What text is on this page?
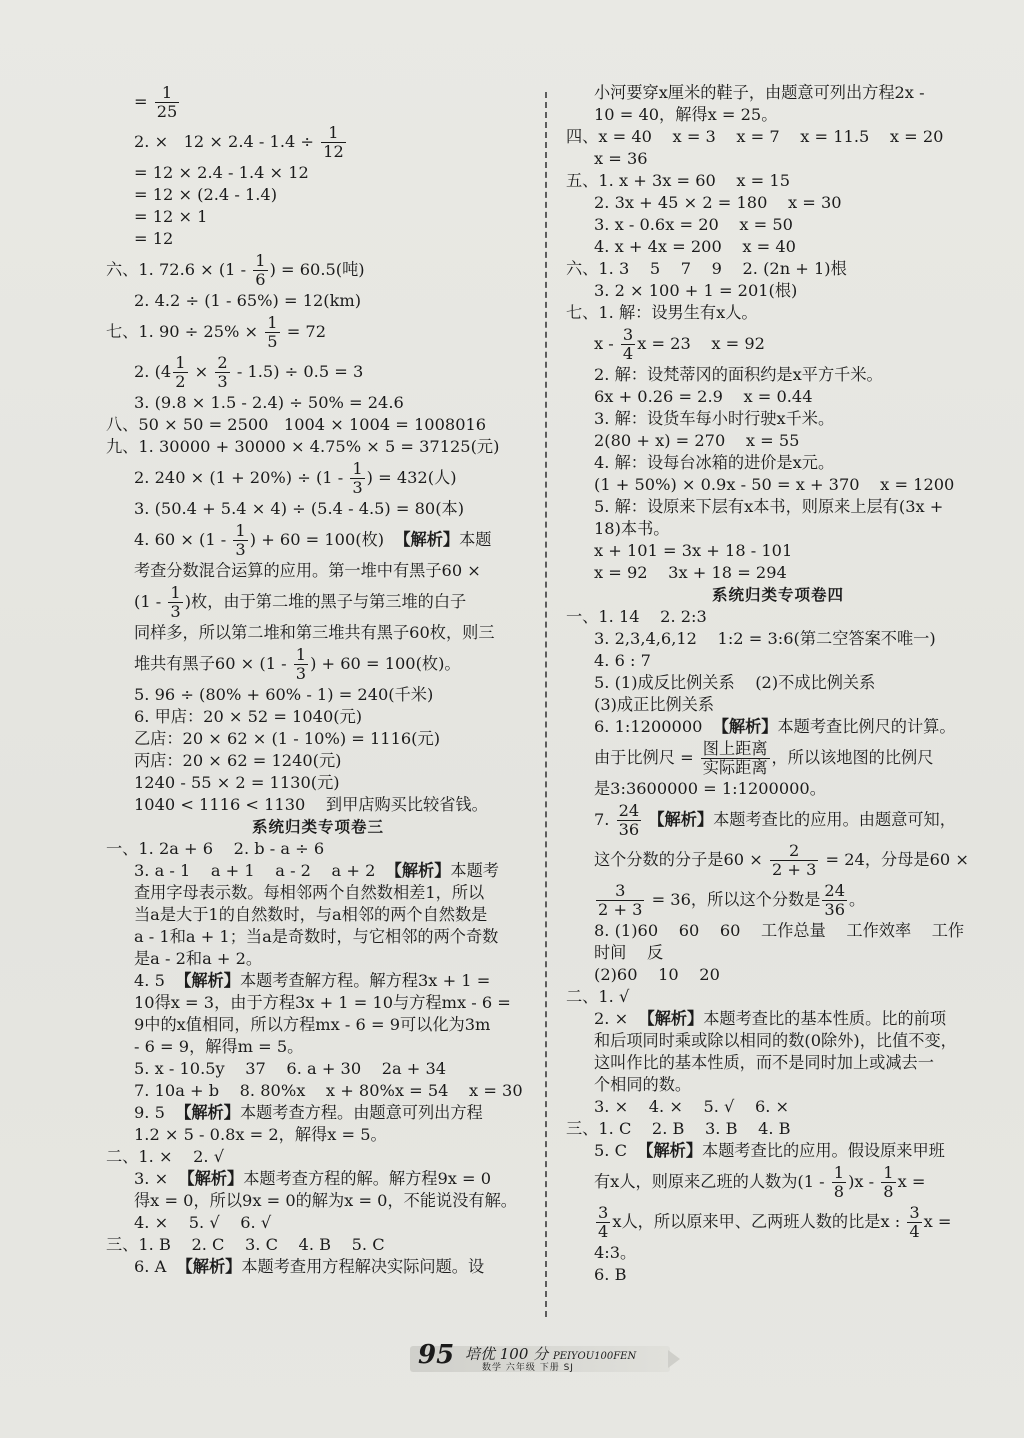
= $\frac{1}{25}$
2. ×   $12 \times 2.4 - 1.4 \div \frac{1}{12}$
= 12 × 2.4 - 1.4 × 12
= 12 × (2.4 - 1.4)
= 12 × 1
= 12
六、1. $72.6 \times (1 - \frac{1}{6}$ ) = 60.5(吨)
2. 4.2 ÷ (1 - 65%) = 12(km)
七、1. $90 \div 25\% \times \frac{1}{5} = 72$
2. $(4 \frac{1}{2} \times \frac{2}{3} - 1.5) \div 0.5 = 3$
3. (9.8 × 1.5 - 2.4) ÷ 50% = 24.6
八、50 × 50 = 2500   1004 × 1004 = 1008016
九、1. 30000 + 30000 × 4.75% × 5 = 37125(元)
2. $240 \times (1 + 20\%) \div (1 - \frac{1}{3}$ ) = 432(人)
3. (50.4 + 5.4 × 4) ÷ (5.4 - 4.5) = 80(本)
4. $60 \times (1 - \frac{1}{3}$ ) + 60 = 100(枚)  【解析】本题
考查分数混合运算的应用。第一堆中有黑子60 ×
($1 - \frac{1}{3}$ )枚，由于第二堆的黑子与第三堆的白子
同样多，所以第二堆和第三堆共有黑子60枚，则三
堆共有黑子$60 \times (1 - \frac{1}{3}$ ) + 60 = 100(枚)。
5. 96 ÷ (80% + 60% - 1) = 240(千米)
6. 甲店：20 × 52 = 1040(元)
乙店：20 × 62 × (1 - 10%) = 1116(元)
丙店：20 × 62 = 1240(元)
1240 - 55 × 2 = 1130(元)
1040 < 1116 < 1130    到甲店购买比较省钱。
系统归类专项卷三
一、1. 2a + 6    2. b - a ÷ 6
3. a - 1    a + 1    a - 2    a + 2  【解析】本题考
查用字母表示数。每相邻两个自然数相差1，所以
当a是大于1的自然数时，与a相邻的两个自然数是
a - 1和a + 1；当a是奇数时，与它相邻的两个奇数
是a - 2和a + 2。
4. 5  【解析】本题考查解方程。解方程3x + 1 =
10得x = 3，由于方程3x + 1 = 10与方程mx - 6 =
9中的x值相同，所以方程mx - 6 = 9可以化为3m
- 6 = 9，解得m = 5。
5. x - 10.5y    37    6. a + 30    2a + 34
7. 10a + b    8. 80%x    x + 80%x = 54    x = 30
9. 5  【解析】本题考查方程。由题意可列出方程
1.2 × 5 - 0.8x = 2，解得x = 5。
二、1. ×    2. √
3. ×  【解析】本题考查方程的解。解方程9x = 0
得x = 0，所以9x = 0的解为x = 0，不能说没有解。
4. ×    5. √    6. √
三、1. B    2. C    3. C    4. B    5. C
6. A  【解析】本题考查用方程解决实际问题。设
小河要穿x厘米的鞋子，由题意可列出方程2x -
10 = 40，解得x = 25。
四、x = 40    x = 3    x = 7    x = 11.5    x = 20
x = 36
五、1. x + 3x = 60    x = 15
2. 3x + 45 × 2 = 180    x = 30
3. x - 0.6x = 20    x = 50
4. x + 4x = 200    x = 40
六、1. 3    5    7    9    2. (2n + 1)根
3. 2 × 100 + 1 = 201(根)
七、1. 解：设男生有x人。
x - $\frac{3}{4}$ x = 23    x = 92
2. 解：设梵蒂冈的面积约是x平方千米。
6x + 0.26 = 2.9    x = 0.44
3. 解：设货车每小时行驶x千米。
2(80 + x) = 270    x = 55
4. 解：设每台冰箱的进价是x元。
(1 + 50%) × 0.9x - 50 = x + 370    x = 1200
5. 解：设原来下层有x本书，则原来上层有(3x +
18)本书。
x + 101 = 3x + 18 - 101
x = 92    3x + 18 = 294
系统归类专项卷四
一、1. 14    2. 2:3
3. 2,3,4,6,12    1:2 = 3:6(第二空答案不唯一)
4. 6 : 7
5. (1)成反比例关系    (2)不成比例关系
(3)成正比例关系
6. 1:1200000  【解析】本题考查比例尺的计算。
由于比例尺 = $\frac{\text{图上距离}}{\text{实际距离}}$ ，所以该地图的比例尺
是3:3600000 = 1:1200000。
7. $\frac{24}{36}$ 【解析】本题考查比的应用。由题意可知，
这个分数的分子是$60 \times \frac{2}{2 + 3} = 24$，分母是60 ×
$\frac{3}{2 + 3} = 36$，所以这个分数是 $\frac{24}{36}$ 。
8. (1)60    60    60    工作总量    工作效率    工作
时间    反
(2)60    10    20
二、1. √
2. ×  【解析】本题考查比的基本性质。比的前项
和后项同时乘或除以相同的数(0除外)，比值不变，
这叫作比的基本性质，而不是同时加上或减去一
个相同的数。
3. ×    4. ×    5. √    6. ×
三、1. C    2. B    3. B    4. B
5. C  【解析】本题考查比的应用。假设原来甲班
有x人，则原来乙班的人数为$(1 - \frac{1}{8} )x - \frac{1}{8}$ x =
$\frac{3}{4}$ x人，所以原来甲、乙两班人数的比是x : $\frac{3}{4}$ x =
4:3。
6. B
95 培优 100 分 PEIYOU100FEN
数学 六年级 下册 SJ
